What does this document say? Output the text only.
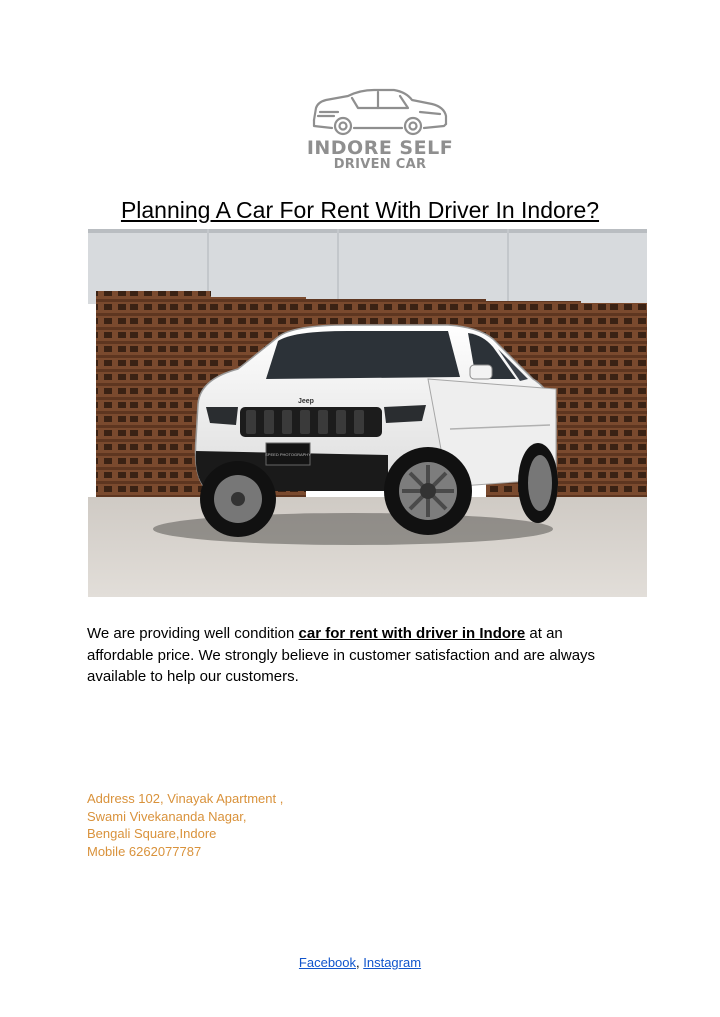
INDORE SELF
DRIVEN CAR
Planning A Car For Rent With Driver In Indore?
Jeep
SPEED PHOTOGRAPHY

We are providing well condition car for rent with driver in Indore at an affordable price. We strongly believe in customer satisfaction and are always available to help our customers.

Address 102, Vinayak Apartment ,
Swami Vivekananda Nagar,
Bengali Square,Indore
Mobile 6262077787
Facebook, Instagram
